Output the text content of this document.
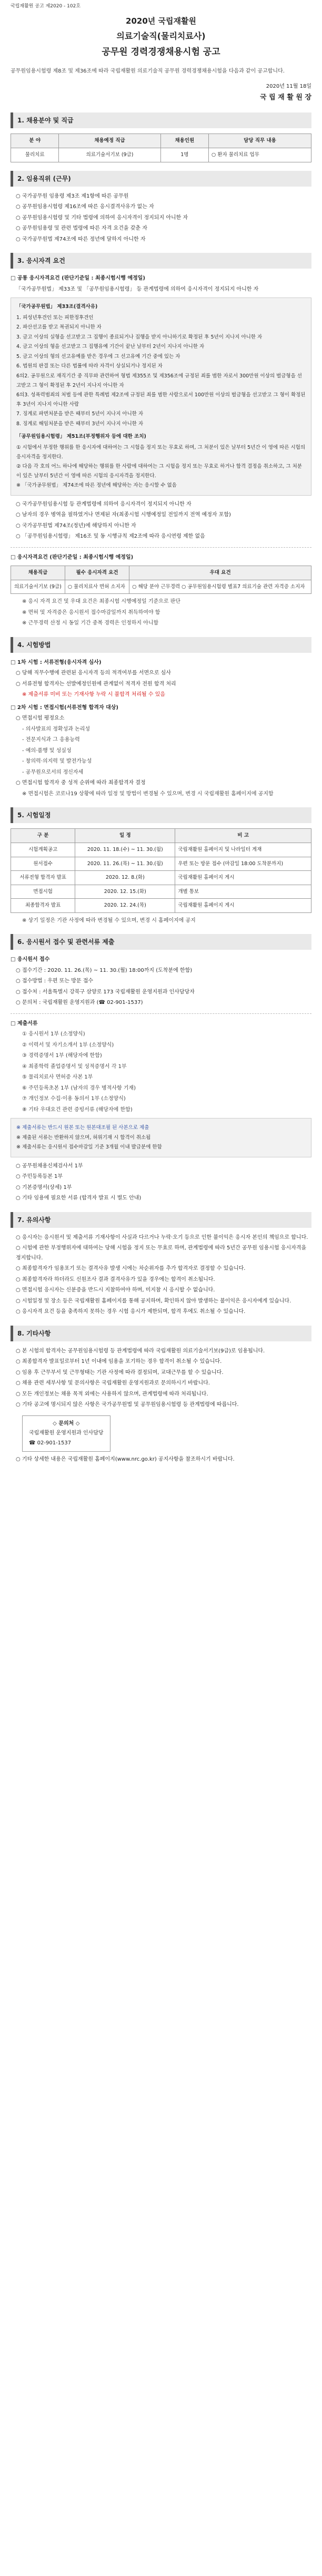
국립재활원 공고 제2020 - 102호
2020년 국립재활원
의료기술직(물리치료사)
공무원 경력경쟁채용시험 공고

공무원임용시험령 제8조 및 제36조에 따라 국립재활원 의료기술직 공무원 경력경쟁채용시험을 다음과 같이 공고합니다.

2020년 11월 18일

국 립 재 활 원 장

1. 채용분야 및 직급
분 야	채용예정 직급	채용인원	담당 직무 내용
물리치료	의료기술서기보 (9급)	1명	○ 환자 물리치료 업무
2. 임용직위 (근무)
○ 국가공무원 임용령 제3조 제1항에 따른 공무원
○ 공무원임용시험령 제16조에 따른 응시결격사유가 없는 자
○ 공무원임용시험령 및 기타 법령에 의하여 응시자격이 정지되지 아니한 자
○ 공무원임용령 및 관련 법령에 따른 자격 요건을 갖춘 자
○ 국가공무원법 제74조에 따른 정년에 달하지 아니한 자
3. 응시자격 요건
□ 공통 응시자격요건 (판단기준일 : 최종시험시행 예정일)
「국가공무원법」 제33조 및 「공무원임용시험령」 등 관계법령에 의하여 응시자격이 정지되지 아니한 자
「국가공무원법」 제33조(결격사유)
1. 피성년후견인 또는 피한정후견인
2. 파산선고를 받고 복권되지 아니한 자
3. 금고 이상의 실형을 선고받고 그 집행이 종료되거나 집행을 받지 아니하기로 확정된 후 5년이 지나지 아니한 자
4. 금고 이상의 형을 선고받고 그 집행유예 기간이 끝난 날부터 2년이 지나지 아니한 자
5. 금고 이상의 형의 선고유예를 받은 경우에 그 선고유예 기간 중에 있는 자
6. 법원의 판결 또는 다른 법률에 따라 자격이 상실되거나 정지된 자
6의2. 공무원으로 재직기간 중 직무와 관련하여 형법 제355조 및 제356조에 규정된 죄를 범한 자로서 300만원 이상의 벌금형을 선고받고 그 형이 확정된 후 2년이 지나지 아니한 자
6의3. 성폭력범죄의 처벌 등에 관한 특례법 제2조에 규정된 죄를 범한 사람으로서 100만원 이상의 벌금형을 선고받고 그 형이 확정된 후 3년이 지나지 아니한 사람
7. 징계로 파면처분을 받은 때부터 5년이 지나지 아니한 자
8. 징계로 해임처분을 받은 때부터 3년이 지나지 아니한 자
「공무원임용시험령」 제51조(부정행위자 등에 대한 조치)
① 시험에서 부정한 행위를 한 응시자에 대하여는 그 시험을 정지 또는 무효로 하며, 그 처분이 있은 날부터 5년간 이 영에 따른 시험의 응시자격을 정지한다.
② 다음 각 호의 어느 하나에 해당하는 행위를 한 사람에 대하여는 그 시험을 정지 또는 무효로 하거나 합격 결정을 취소하고, 그 처분이 있은 날부터 5년간 이 영에 따른 시험의 응시자격을 정지한다.
※ 「국가공무원법」 제74조에 따른 정년에 해당하는 자는 응시할 수 없음
○ 국가공무원임용시험 등 관계법령에 의하여 응시자격이 정지되지 아니한 자
○ 남자의 경우 병역을 필하였거나 면제된 자(최종시험 시행예정일 전일까지 전역 예정자 포함)
○ 국가공무원법 제74조(정년)에 해당하지 아니한 자
○ 「공무원임용시험령」 제16조 및 동 시행규칙 제2조에 따라 응시연령 제한 없음
□ 응시자격요건 (판단기준일 : 최종시험시행 예정일)
채용직급	필수 응시자격 요건	우대 요건
의료기술서기보 (9급)	○ 물리치료사 면허 소지자	○ 해당 분야 근무경력 ○ 공무원임용시험령 별표7 의료기술 관련 자격증 소지자
※ 응시 자격 요건 및 우대 요건은 최종시험 시행예정일 기준으로 판단
※ 면허 및 자격증은 응시원서 접수마감일까지 취득하여야 함
※ 근무경력 산정 시 동일 기간 중복 경력은 인정하지 아니함
4. 시험방법
□ 1차 시험 : 서류전형(응시자격 심사)
○ 당해 직무수행에 관련된 응시자격 등의 적격여부를 서면으로 심사
○ 서류전형 합격자는 선발예정인원에 관계없이 적격자 전원 합격 처리
※ 제출서류 미비 또는 기재사항 누락 시 불합격 처리될 수 있음
□ 2차 시험 : 면접시험(서류전형 합격자 대상)
○ 면접시험 평정요소
- 의사발표의 정확성과 논리성
- 전문지식과 그 응용능력
- 예의·품행 및 성실성
- 창의력·의지력 및 발전가능성
- 공무원으로서의 정신자세
○ 면접시험 합격자 중 성적 순위에 따라 최종합격자 결정
※ 면접시험은 코로나19 상황에 따라 일정 및 방법이 변경될 수 있으며, 변경 시 국립재활원 홈페이지에 공지함
5. 시험일정
구 분	일 정	비 고
시험계획공고	2020. 11. 18.(수) ~ 11. 30.(월)	국립재활원 홈페이지 및 나라일터 게재
원서접수	2020. 11. 26.(목) ~ 11. 30.(월)	우편 또는 방문 접수 (마감일 18:00 도착분까지)
서류전형 합격자 발표	2020. 12. 8.(화)	국립재활원 홈페이지 게시
면접시험	2020. 12. 15.(화)	개별 통보
최종합격자 발표	2020. 12. 24.(목)	국립재활원 홈페이지 게시
※ 상기 일정은 기관 사정에 따라 변경될 수 있으며, 변경 시 홈페이지에 공지
6. 응시원서 접수 및 관련서류 제출
□ 응시원서 접수
○ 접수기간 : 2020. 11. 26.(목) ~ 11. 30.(월) 18:00까지 (도착분에 한함)
○ 접수방법 : 우편 또는 방문 접수
○ 접수처 : 서울특별시 강북구 삼양로 173 국립재활원 운영지원과 인사담당자
○ 문의처 : 국립재활원 운영지원과 (☎ 02-901-1537)
□ 제출서류
① 응시원서 1부 (소정양식)
② 이력서 및 자기소개서 1부 (소정양식)
③ 경력증명서 1부 (해당자에 한함)
④ 최종학력 졸업증명서 및 성적증명서 각 1부
⑤ 물리치료사 면허증 사본 1부
⑥ 주민등록초본 1부 (남자의 경우 병적사항 기재)
⑦ 개인정보 수집·이용 동의서 1부 (소정양식)
⑧ 기타 우대요건 관련 증빙서류 (해당자에 한함)
※ 제출서류는 반드시 원본 또는 원본대조필 된 사본으로 제출
※ 제출된 서류는 반환하지 않으며, 허위기재 시 합격이 취소됨
※ 제출서류는 응시원서 접수마감일 기준 3개월 이내 발급분에 한함
○ 공무원채용신체검사서 1부
○ 주민등록등본 1부
○ 기본증명서(상세) 1부
○ 기타 임용에 필요한 서류 (합격자 발표 시 별도 안내)
7. 유의사항
○ 응시자는 응시원서 및 제출서류 기재사항이 사실과 다르거나 누락·오기 등으로 인한 불이익은 응시자 본인의 책임으로 합니다.
○ 시험에 관한 부정행위자에 대하여는 당해 시험을 정지 또는 무효로 하며, 관계법령에 따라 5년간 공무원 임용시험 응시자격을 정지합니다.
○ 최종합격자가 임용포기 또는 결격사유 발생 시에는 차순위자를 추가 합격자로 결정할 수 있습니다.
○ 최종합격자라 하더라도 신원조사 결과 결격사유가 있을 경우에는 합격이 취소됩니다.
○ 면접시험 응시자는 신분증을 반드시 지참하여야 하며, 미지참 시 응시할 수 없습니다.
○ 시험일정 및 장소 등은 국립재활원 홈페이지를 통해 공지하며, 확인하지 않아 발생하는 불이익은 응시자에게 있습니다.
○ 응시자격 요건 등을 충족하지 못하는 경우 시험 응시가 제한되며, 합격 후에도 취소될 수 있습니다.
8. 기타사항
○ 본 시험의 합격자는 공무원임용시험령 등 관계법령에 따라 국립재활원 의료기술서기보(9급)로 임용됩니다.
○ 최종합격자 발표일로부터 1년 이내에 임용을 포기하는 경우 합격이 취소될 수 있습니다.
○ 임용 후 근무부서 및 근무형태는 기관 사정에 따라 결정되며, 교대근무를 할 수 있습니다.
○ 채용 관련 세부사항 및 문의사항은 국립재활원 운영지원과로 문의하시기 바랍니다.
○ 모든 개인정보는 채용 목적 외에는 사용하지 않으며, 관계법령에 따라 처리됩니다.
○ 기타 공고에 명시되지 않은 사항은 국가공무원법 및 공무원임용시험령 등 관계법령에 따릅니다.
◇ 문의처 ◇
국립재활원 운영지원과 인사담당
☎ 02-901-1537
○ 기타 상세한 내용은 국립재활원 홈페이지(www.nrc.go.kr) 공지사항을 참조하시기 바랍니다.
